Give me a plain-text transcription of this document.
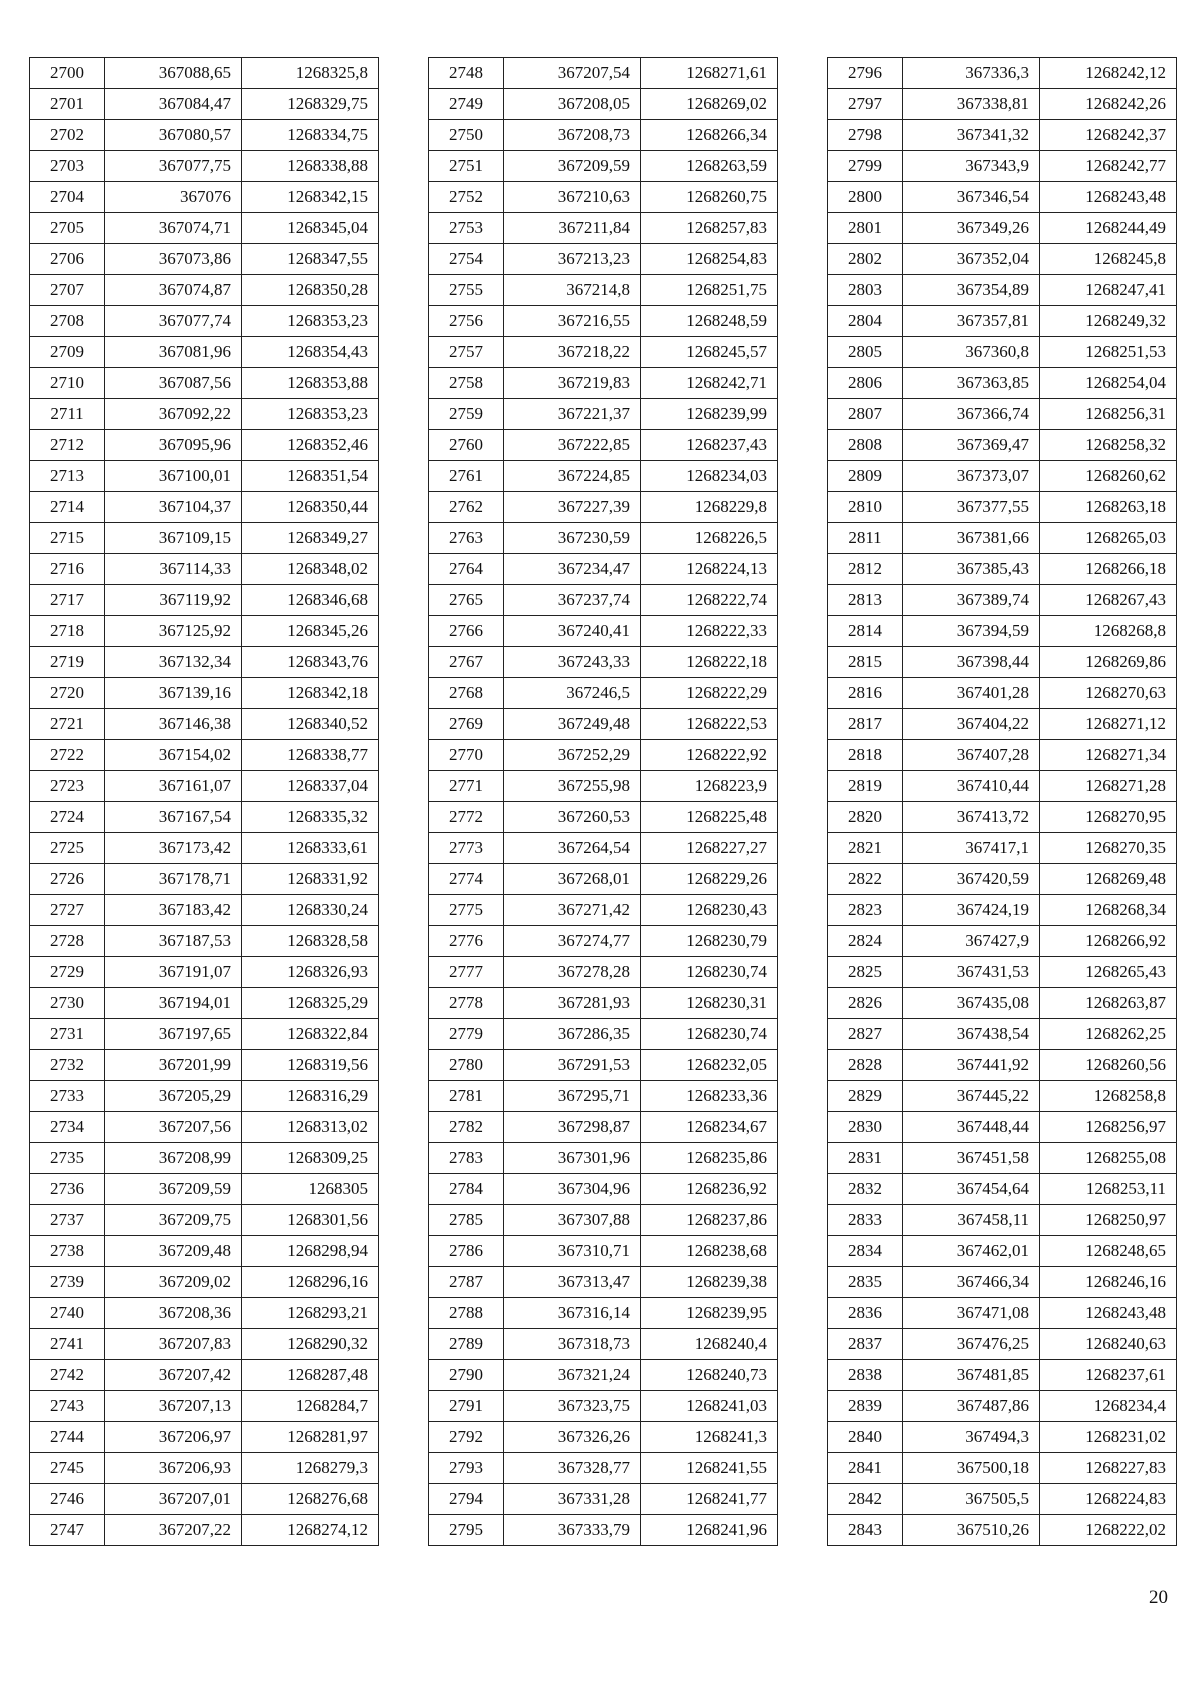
2700	367088,65	1268325,8
2701	367084,47	1268329,75
2702	367080,57	1268334,75
2703	367077,75	1268338,88
2704	367076	1268342,15
2705	367074,71	1268345,04
2706	367073,86	1268347,55
2707	367074,87	1268350,28
2708	367077,74	1268353,23
2709	367081,96	1268354,43
2710	367087,56	1268353,88
2711	367092,22	1268353,23
2712	367095,96	1268352,46
2713	367100,01	1268351,54
2714	367104,37	1268350,44
2715	367109,15	1268349,27
2716	367114,33	1268348,02
2717	367119,92	1268346,68
2718	367125,92	1268345,26
2719	367132,34	1268343,76
2720	367139,16	1268342,18
2721	367146,38	1268340,52
2722	367154,02	1268338,77
2723	367161,07	1268337,04
2724	367167,54	1268335,32
2725	367173,42	1268333,61
2726	367178,71	1268331,92
2727	367183,42	1268330,24
2728	367187,53	1268328,58
2729	367191,07	1268326,93
2730	367194,01	1268325,29
2731	367197,65	1268322,84
2732	367201,99	1268319,56
2733	367205,29	1268316,29
2734	367207,56	1268313,02
2735	367208,99	1268309,25
2736	367209,59	1268305
2737	367209,75	1268301,56
2738	367209,48	1268298,94
2739	367209,02	1268296,16
2740	367208,36	1268293,21
2741	367207,83	1268290,32
2742	367207,42	1268287,48
2743	367207,13	1268284,7
2744	367206,97	1268281,97
2745	367206,93	1268279,3
2746	367207,01	1268276,68
2747	367207,22	1268274,12
2748	367207,54	1268271,61
2749	367208,05	1268269,02
2750	367208,73	1268266,34
2751	367209,59	1268263,59
2752	367210,63	1268260,75
2753	367211,84	1268257,83
2754	367213,23	1268254,83
2755	367214,8	1268251,75
2756	367216,55	1268248,59
2757	367218,22	1268245,57
2758	367219,83	1268242,71
2759	367221,37	1268239,99
2760	367222,85	1268237,43
2761	367224,85	1268234,03
2762	367227,39	1268229,8
2763	367230,59	1268226,5
2764	367234,47	1268224,13
2765	367237,74	1268222,74
2766	367240,41	1268222,33
2767	367243,33	1268222,18
2768	367246,5	1268222,29
2769	367249,48	1268222,53
2770	367252,29	1268222,92
2771	367255,98	1268223,9
2772	367260,53	1268225,48
2773	367264,54	1268227,27
2774	367268,01	1268229,26
2775	367271,42	1268230,43
2776	367274,77	1268230,79
2777	367278,28	1268230,74
2778	367281,93	1268230,31
2779	367286,35	1268230,74
2780	367291,53	1268232,05
2781	367295,71	1268233,36
2782	367298,87	1268234,67
2783	367301,96	1268235,86
2784	367304,96	1268236,92
2785	367307,88	1268237,86
2786	367310,71	1268238,68
2787	367313,47	1268239,38
2788	367316,14	1268239,95
2789	367318,73	1268240,4
2790	367321,24	1268240,73
2791	367323,75	1268241,03
2792	367326,26	1268241,3
2793	367328,77	1268241,55
2794	367331,28	1268241,77
2795	367333,79	1268241,96
2796	367336,3	1268242,12
2797	367338,81	1268242,26
2798	367341,32	1268242,37
2799	367343,9	1268242,77
2800	367346,54	1268243,48
2801	367349,26	1268244,49
2802	367352,04	1268245,8
2803	367354,89	1268247,41
2804	367357,81	1268249,32
2805	367360,8	1268251,53
2806	367363,85	1268254,04
2807	367366,74	1268256,31
2808	367369,47	1268258,32
2809	367373,07	1268260,62
2810	367377,55	1268263,18
2811	367381,66	1268265,03
2812	367385,43	1268266,18
2813	367389,74	1268267,43
2814	367394,59	1268268,8
2815	367398,44	1268269,86
2816	367401,28	1268270,63
2817	367404,22	1268271,12
2818	367407,28	1268271,34
2819	367410,44	1268271,28
2820	367413,72	1268270,95
2821	367417,1	1268270,35
2822	367420,59	1268269,48
2823	367424,19	1268268,34
2824	367427,9	1268266,92
2825	367431,53	1268265,43
2826	367435,08	1268263,87
2827	367438,54	1268262,25
2828	367441,92	1268260,56
2829	367445,22	1268258,8
2830	367448,44	1268256,97
2831	367451,58	1268255,08
2832	367454,64	1268253,11
2833	367458,11	1268250,97
2834	367462,01	1268248,65
2835	367466,34	1268246,16
2836	367471,08	1268243,48
2837	367476,25	1268240,63
2838	367481,85	1268237,61
2839	367487,86	1268234,4
2840	367494,3	1268231,02
2841	367500,18	1268227,83
2842	367505,5	1268224,83
2843	367510,26	1268222,02
20
